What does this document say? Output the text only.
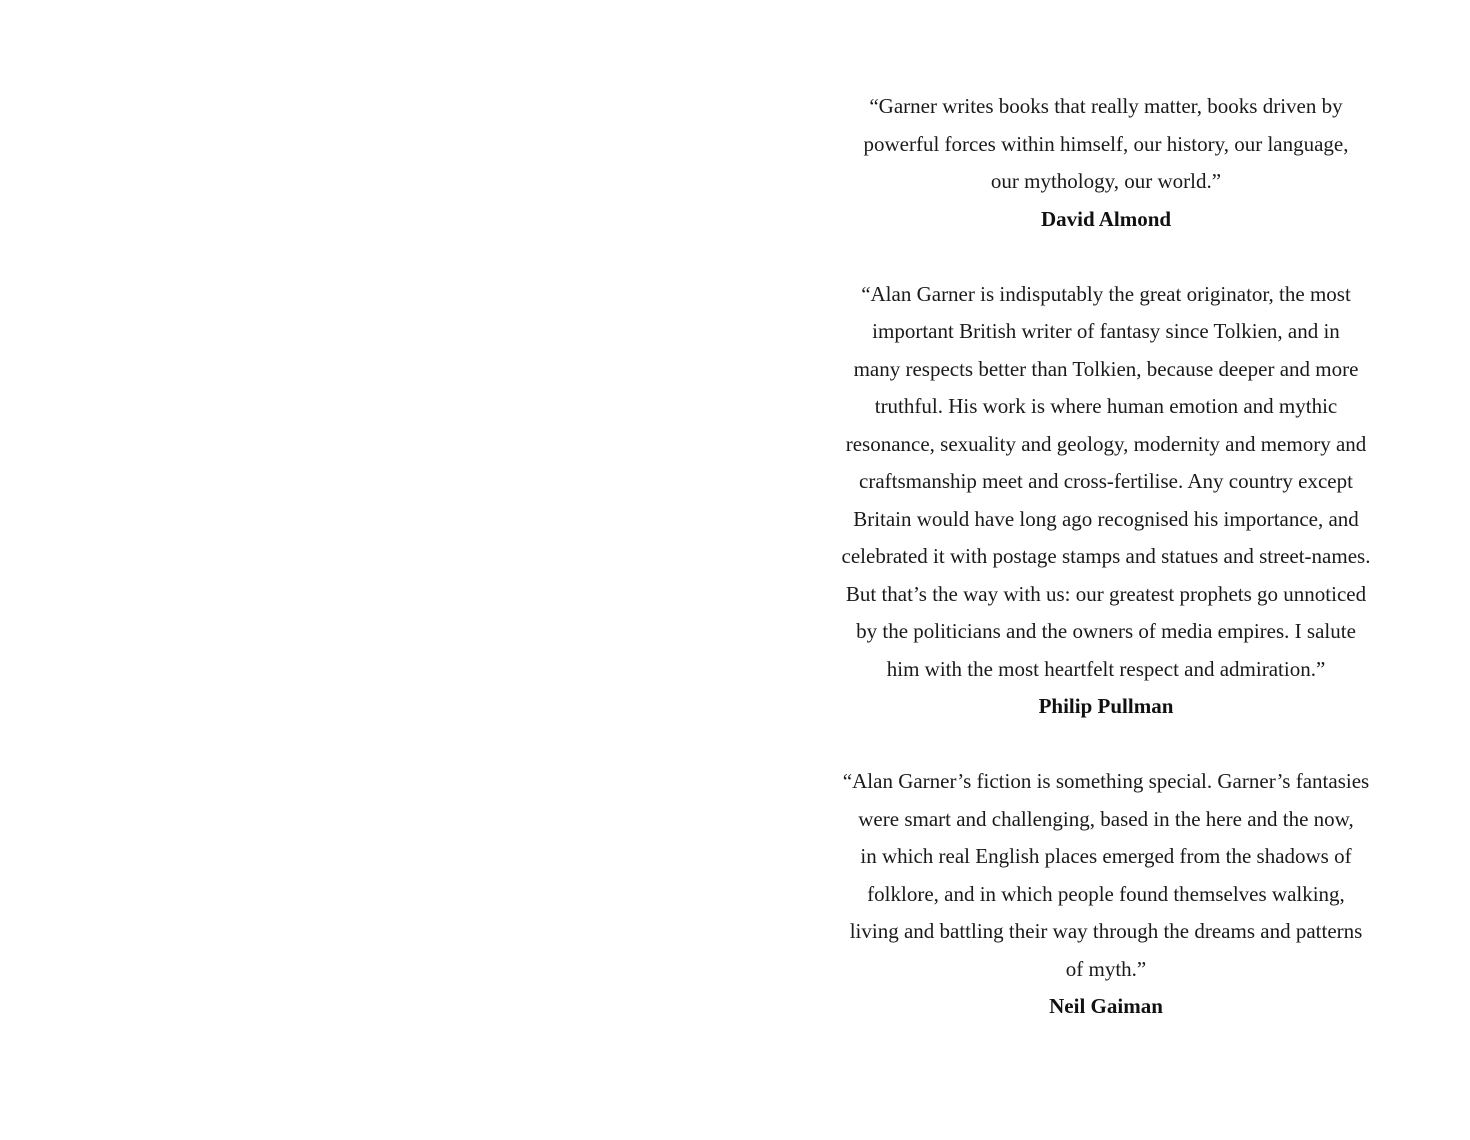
“Garner writes books that really matter, books driven by
powerful forces within himself, our history, our language,
our mythology, our world.”
David Almond
“Alan Garner is indisputably the great originator, the most
important British writer of fantasy since Tolkien, and in
many respects better than Tolkien, because deeper and more
truthful. His work is where human emotion and mythic
resonance, sexuality and geology, modernity and memory and
craftsmanship meet and cross-fertilise. Any country except
Britain would have long ago recognised his importance, and
celebrated it with postage stamps and statues and street-names.
But that’s the way with us: our greatest prophets go unnoticed
by the politicians and the owners of media empires. I salute
him with the most heartfelt respect and admiration.”
Philip Pullman
“Alan Garner’s fiction is something special. Garner’s fantasies
were smart and challenging, based in the here and the now,
in which real English places emerged from the shadows of
folklore, and in which people found themselves walking,
living and battling their way through the dreams and patterns
of myth.”
Neil Gaiman
